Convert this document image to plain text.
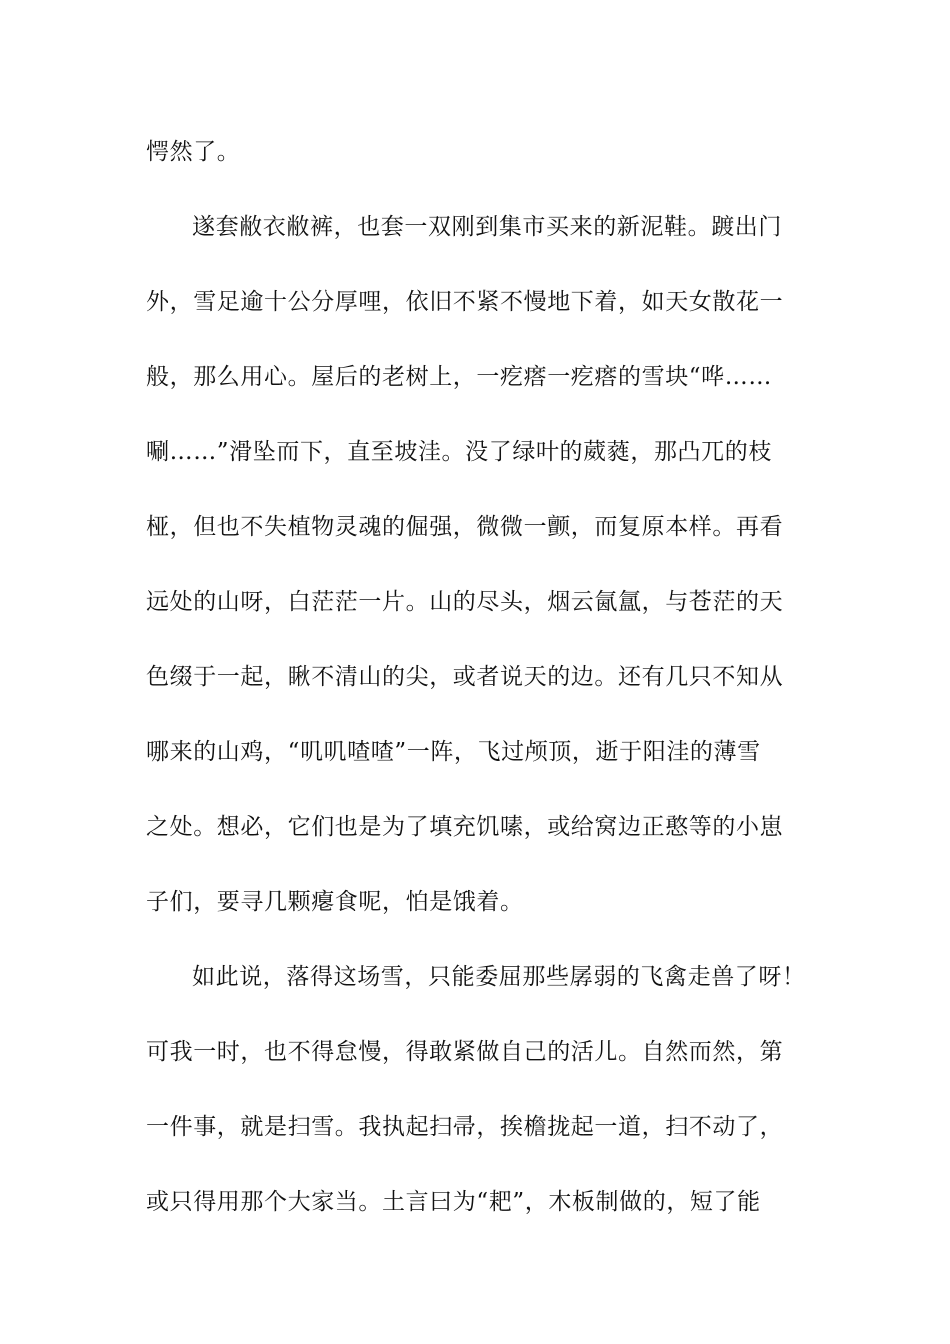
愕然了。
遂套敝衣敝裤，也套一双刚到集市买来的新泥鞋。踱出门
外，雪足逾十公分厚哩，依旧不紧不慢地下着，如天女散花一
般，那么用心。屋后的老树上，一疙瘩一疙瘩的雪块“哗……
唰……”滑坠而下，直至坡洼。没了绿叶的葳蕤，那凸兀的枝
桠，但也不失植物灵魂的倔强，微微一颤，而复原本样。再看
远处的山呀，白茫茫一片。山的尽头，烟云氤氲，与苍茫的天
色缀于一起，瞅不清山的尖，或者说天的边。还有几只不知从
哪来的山鸡，“叽叽喳喳”一阵，飞过颅顶，逝于阳洼的薄雪
之处。想必，它们也是为了填充饥嗉，或给窝边正憨等的小崽
子们，要寻几颗瘪食呢，怕是饿着。
如此说，落得这场雪，只能委屈那些孱弱的飞禽走兽了呀！
可我一时，也不得怠慢，得敢紧做自己的活儿。自然而然，第
一件事，就是扫雪。我执起扫帚，挨檐拢起一道，扫不动了，
或只得用那个大家当。土言曰为“耙”，木板制做的，短了能
